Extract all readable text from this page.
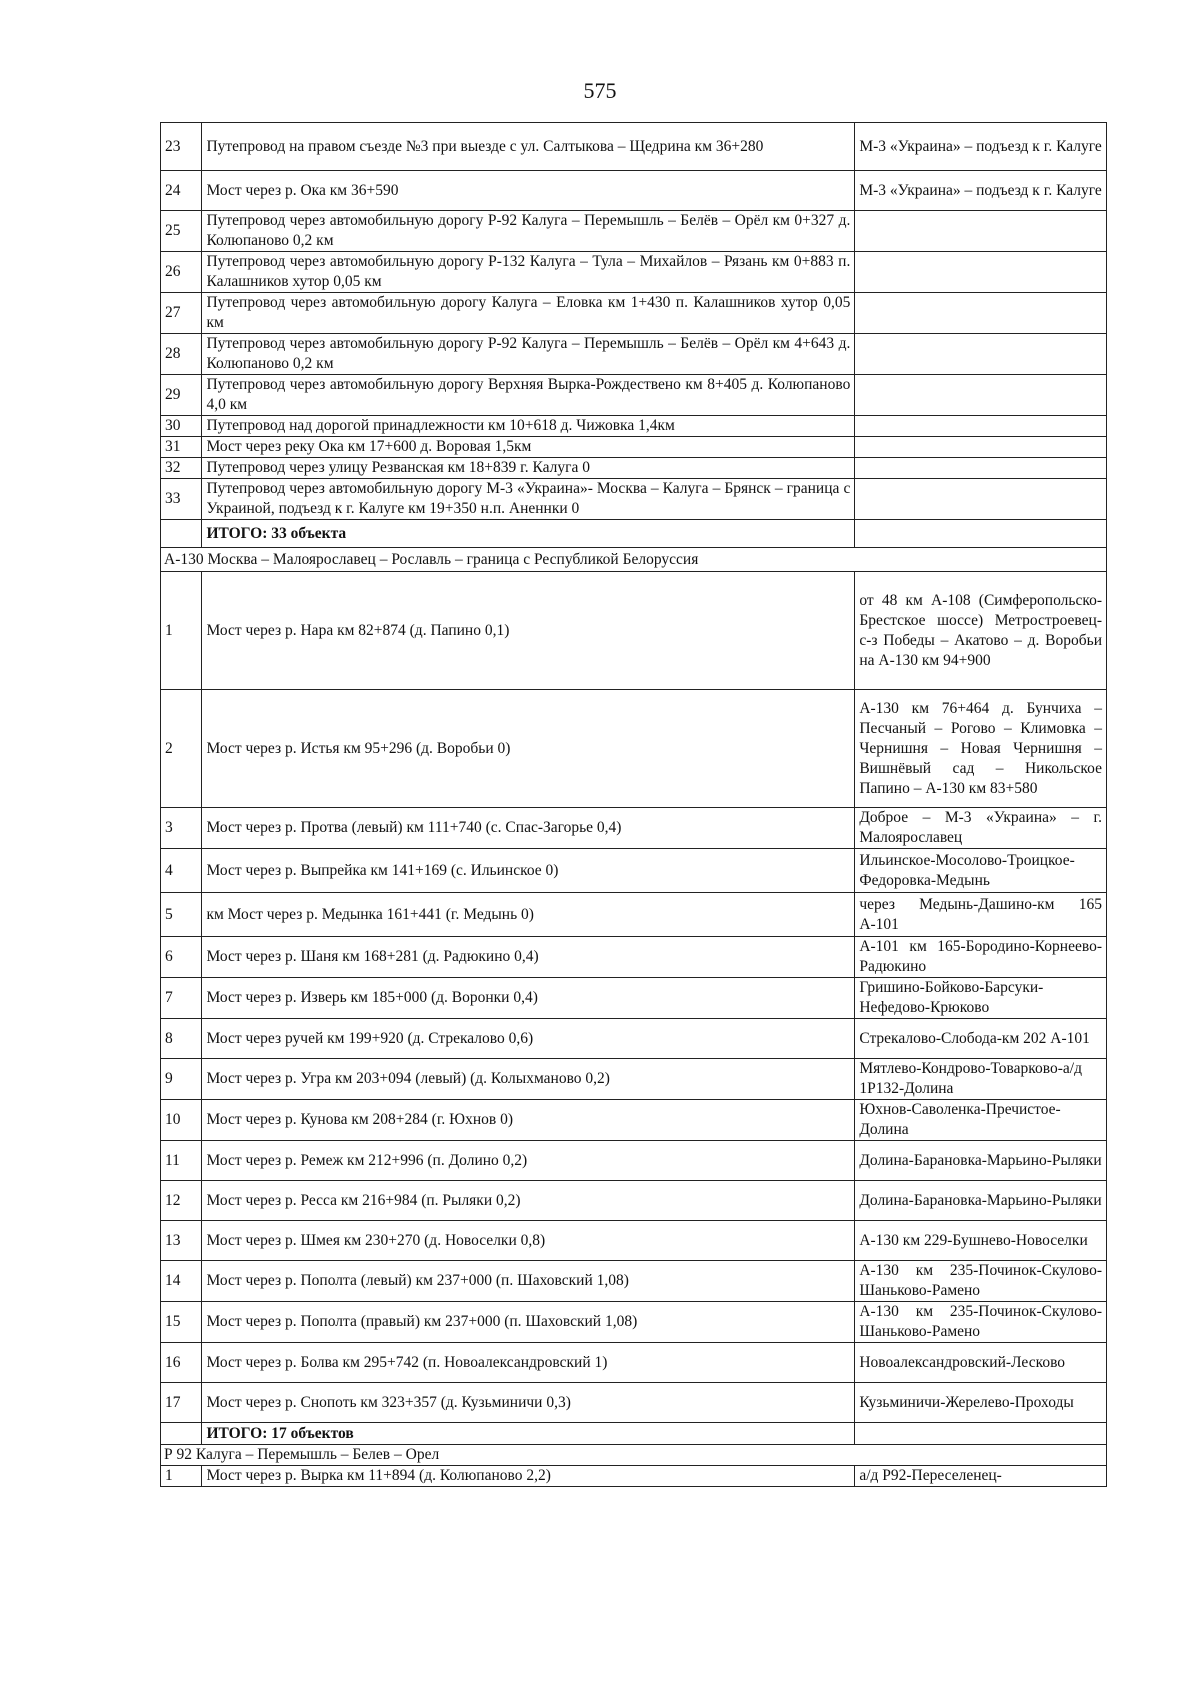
575
23	Путепровод на правом съезде №3 при выезде с ул. Салтыкова – Щедрина км 36+280	М-3 «Украина» – подъезд к г. Калуге
24	Мост через р. Ока км 36+590	М-3 «Украина» – подъезд к г. Калуге
25	Путепровод через автомобильную дорогу Р-92 Калуга – Перемышль – Белёв – Орёл км 0+327 д. Колюпаново 0,2 км	
26	Путепровод через автомобильную дорогу Р-132 Калуга – Тула – Михайлов – Рязань км 0+883 п. Калашников хутор 0,05 км	
27	Путепровод через автомобильную дорогу Калуга – Еловка км 1+430 п. Калашников хутор 0,05 км	
28	Путепровод через автомобильную дорогу Р-92 Калуга – Перемышль – Белёв – Орёл км 4+643 д. Колюпаново 0,2 км	
29	Путепровод через автомобильную дорогу Верхняя Вырка-Рождествено км 8+405 д. Колюпаново 4,0 км	
30	Путепровод над дорогой принадлежности км 10+618 д. Чижовка 1,4км	
31	Мост через реку Ока км 17+600 д. Воровая 1,5км	
32	Путепровод через улицу Резванская км 18+839 г. Калуга 0	
33	Путепровод через автомобильную дорогу М-3 «Украина»- Москва – Калуга – Брянск – граница с Украиной, подъезд к г. Калуге км 19+350 н.п. Аненнки 0	
	ИТОГО: 33 объекта	
А-130 Москва – Малоярославец – Рославль – граница с Республикой Белоруссия		
1	Мост через р. Нара км 82+874 (д. Папино 0,1)	от 48 км А-108 (Симферопольско-Брестское шоссе) Метростроевец- с-з Победы – Акатово – д. Воробьи на А-130 км 94+900
2	Мост через р. Истья км 95+296 (д. Воробьи 0)	А-130 км 76+464 д. Бунчиха – Песчаный – Рогово – Климовка – Чернишня – Новая Чернишня – Вишнёвый сад – Никольское Папино – А-130 км 83+580
3	Мост через р. Протва (левый) км 111+740 (с. Спас-Загорье 0,4)	Доброе – М-3 «Украина» – г. Малоярославец
4	Мост через р. Выпрейка км 141+169 (с. Ильинское 0)	Ильинское-Мосолово-Троицкое-Федоровка-Медынь
5	км Мост через р. Медынка 161+441 (г. Медынь 0)	через Медынь-Дашино-км 165 А-101
6	Мост через р. Шаня км 168+281 (д. Радюкино 0,4)	А-101 км 165-Бородино-Корнеево-Радюкино
7	Мост через р. Изверь км 185+000 (д. Воронки 0,4)	Гришино-Бойково-Барсуки-Нефедово-Крюково
8	Мост через ручей км 199+920 (д. Стрекалово 0,6)	Стрекалово-Слобода-км 202 А-101
9	Мост через р. Угра км 203+094 (левый) (д. Колыхманово 0,2)	Мятлево-Кондрово-Товарково-а/д 1Р132-Долина
10	Мост через р. Кунова км 208+284 (г. Юхнов 0)	Юхнов-Саволенка-Пречистое-Долина
11	Мост через р. Ремеж км 212+996 (п. Долино 0,2)	Долина-Барановка-Марьино-Рыляки
12	Мост через р. Ресса км 216+984 (п. Рыляки 0,2)	Долина-Барановка-Марьино-Рыляки
13	Мост через р. Шмея км 230+270 (д. Новоселки 0,8)	А-130 км 229-Бушнево-Новоселки
14	Мост через р. Пополта (левый) км 237+000 (п. Шаховский 1,08)	А-130 км 235-Починок-Скулово-Шаньково-Рамено
15	Мост через р. Пополта (правый) км 237+000 (п. Шаховский 1,08)	А-130 км 235-Починок-Скулово-Шаньково-Рамено
16	Мост через р. Болва км 295+742 (п. Новоалександровский 1)	Новоалександровский-Лесково
17	Мост через р. Снопоть км 323+357 (д. Кузьминичи 0,3)	Кузьминичи-Жерелево-Проходы
	ИТОГО: 17 объектов	
Р 92 Калуга – Перемышль – Белев – Орел		
1	Мост через р. Вырка км 11+894 (д. Колюпаново 2,2)	а/д Р92-Переселенец-
